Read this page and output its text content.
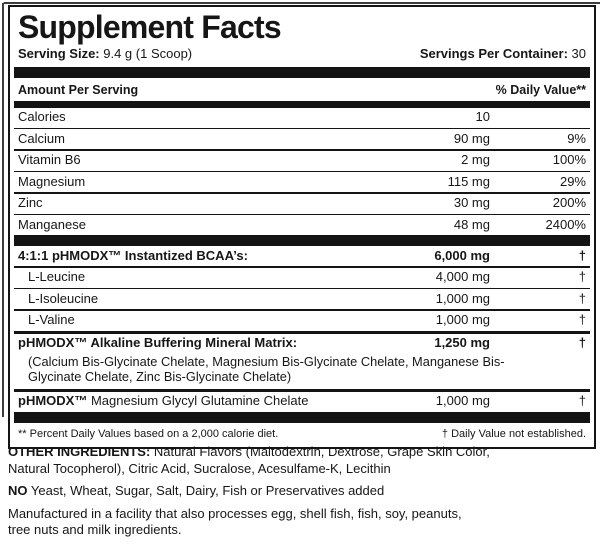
Supplement Facts
Serving Size: 9.4 g (1 Scoop)	Servings Per Container: 30
Amount Per Serving	% Daily Value**
Calories	10
Calcium	90 mg	9%
Vitamin B6	2 mg	100%
Magnesium	115 mg	29%
Zinc	30 mg	200%
Manganese	48 mg	2400%
4:1:1 pHMODX™ Instantized BCAA’s:	6,000 mg	†
L-Leucine	4,000 mg	†
L-Isoleucine	1,000 mg	†
L-Valine	1,000 mg	†
pHMODX™ Alkaline Buffering Mineral Matrix:	1,250 mg	†
(Calcium Bis-Glycinate Chelate, Magnesium Bis-Glycinate Chelate, Manganese Bis-Glycinate Chelate, Zinc Bis-Glycinate Chelate)
pHMODX™ Magnesium Glycyl Glutamine Chelate	1,000 mg	†
** Percent Daily Values based on a 2,000 calorie diet.	† Daily Value not established.

OTHER INGREDIENTS: Natural Flavors (Maltodextrin, Dextrose, Grape Skin Color, Natural Tocopherol), Citric Acid, Sucralose, Acesulfame-K, Lecithin

NO Yeast, Wheat, Sugar, Salt, Dairy, Fish or Preservatives added

Manufactured in a facility that also processes egg, shell fish, fish, soy, peanuts, tree nuts and milk ingredients.
